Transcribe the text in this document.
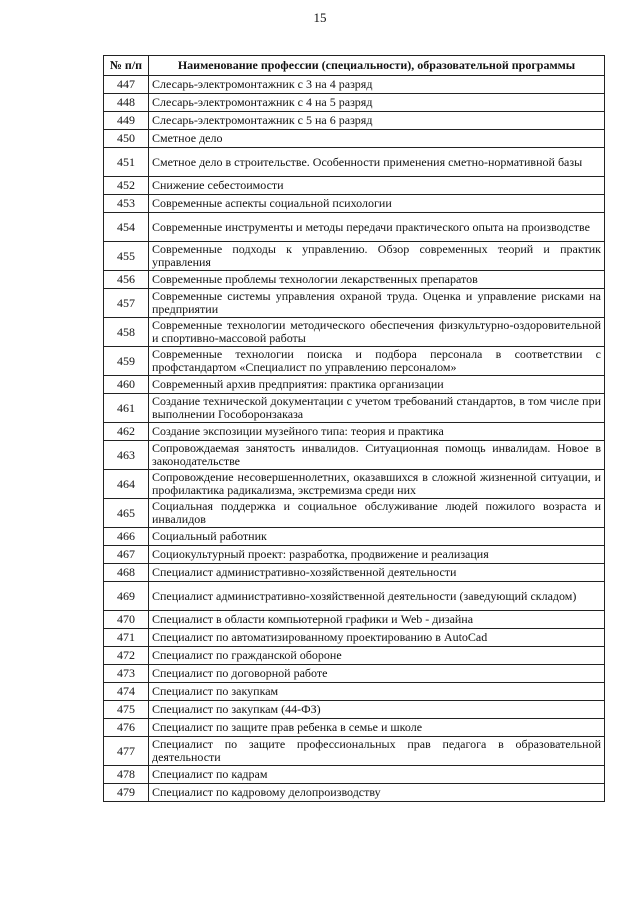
15
№ п/п	Наименование профессии (специальности), образовательной программы
447	Слесарь-электромонтажник с 3 на 4 разряд
448	Слесарь-электромонтажник с 4 на 5 разряд
449	Слесарь-электромонтажник с 5 на 6 разряд
450	Сметное дело
451	Сметное дело в строительстве. Особенности применения сметно-нормативной базы
452	Снижение себестоимости
453	Современные аспекты социальной психологии
454	Современные инструменты и методы передачи практического опыта на производстве
455	Современные подходы к управлению. Обзор современных теорий и практик управления
456	Современные проблемы технологии лекарственных препаратов
457	Современные системы управления охраной труда. Оценка и управление рисками на предприятии
458	Современные технологии методического обеспечения физкультурно-оздоровительной и спортивно-массовой работы
459	Современные технологии поиска и подбора персонала в соответствии с профстандартом «Специалист по управлению персоналом»
460	Современный архив предприятия: практика организации
461	Создание технической документации с учетом требований стандартов, в том числе при выполнении Гособоронзаказа
462	Создание экспозиции музейного типа: теория и практика
463	Сопровождаемая занятость инвалидов. Ситуационная помощь инвалидам. Новое в законодательстве
464	Сопровождение несовершеннолетних, оказавшихся в сложной жизненной ситуации, и профилактика радикализма, экстремизма среди них
465	Социальная поддержка и социальное обслуживание людей пожилого возраста и инвалидов
466	Социальный работник
467	Социокультурный проект: разработка, продвижение и реализация
468	Специалист административно-хозяйственной деятельности
469	Специалист административно-хозяйственной деятельности (заведующий складом)
470	Специалист в области компьютерной графики и Web - дизайна
471	Специалист по автоматизированному проектированию в AutoCad
472	Специалист по гражданской обороне
473	Специалист по договорной работе
474	Специалист по закупкам
475	Специалист по закупкам (44-ФЗ)
476	Специалист по защите прав ребенка в семье и школе
477	Специалист по защите профессиональных прав педагога в образовательной деятельности
478	Специалист по кадрам
479	Специалист по кадровому делопроизводству
